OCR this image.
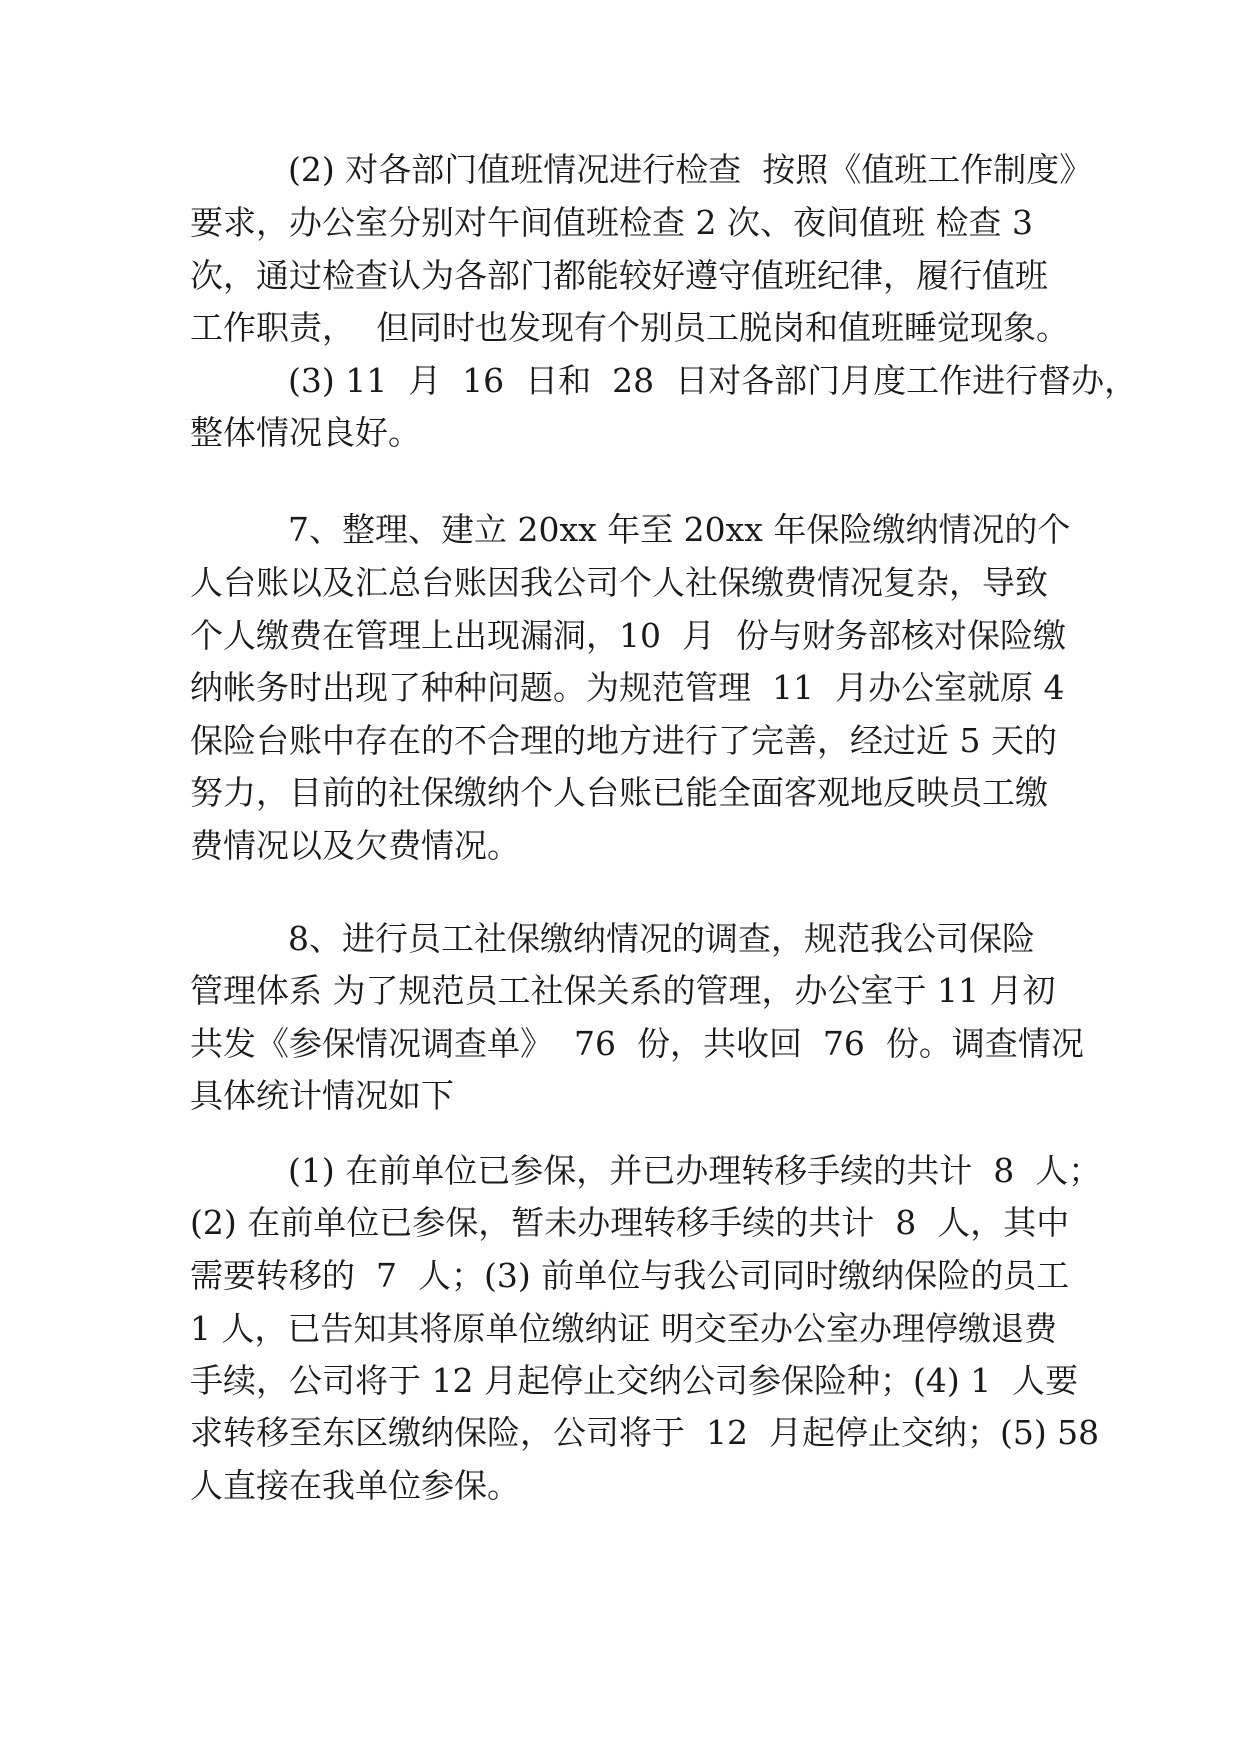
(2) 对各部门值班情况进行检查  按照《值班工作制度》
要求，办公室分别对午间值班检查 2 次、夜间值班 检查 3
次，通过检查认为各部门都能较好遵守值班纪律，履行值班
工作职责，  但同时也发现有个别员工脱岗和值班睡觉现象。
(3) 11  月  16  日和  28  日对各部门月度工作进行督办，
整体情况良好。
7、整理、建立 20xx 年至 20xx 年保险缴纳情况的个
人台账以及汇总台账因我公司个人社保缴费情况复杂，导致
个人缴费在管理上出现漏洞，10  月  份与财务部核对保险缴
纳帐务时出现了种种问题。为规范管理  11  月办公室就原 4
保险台账中存在的不合理的地方进行了完善，经过近 5 天的
努力，目前的社保缴纳个人台账已能全面客观地反映员工缴
费情况以及欠费情况。
8、进行员工社保缴纳情况的调查，规范我公司保险
管理体系 为了规范员工社保关系的管理，办公室于 11 月初
共发《参保情况调查单》  76  份，共收回  76  份。调查情况
具体统计情况如下
(1) 在前单位已参保，并已办理转移手续的共计  8  人；
(2) 在前单位已参保，暂未办理转移手续的共计  8  人，其中
需要转移的  7  人；(3) 前单位与我公司同时缴纳保险的员工
1 人，已告知其将原单位缴纳证 明交至办公室办理停缴退费
手续，公司将于 12 月起停止交纳公司参保险种；(4) 1  人要
求转移至东区缴纳保险，公司将于  12  月起停止交纳；(5) 58
人直接在我单位参保。
